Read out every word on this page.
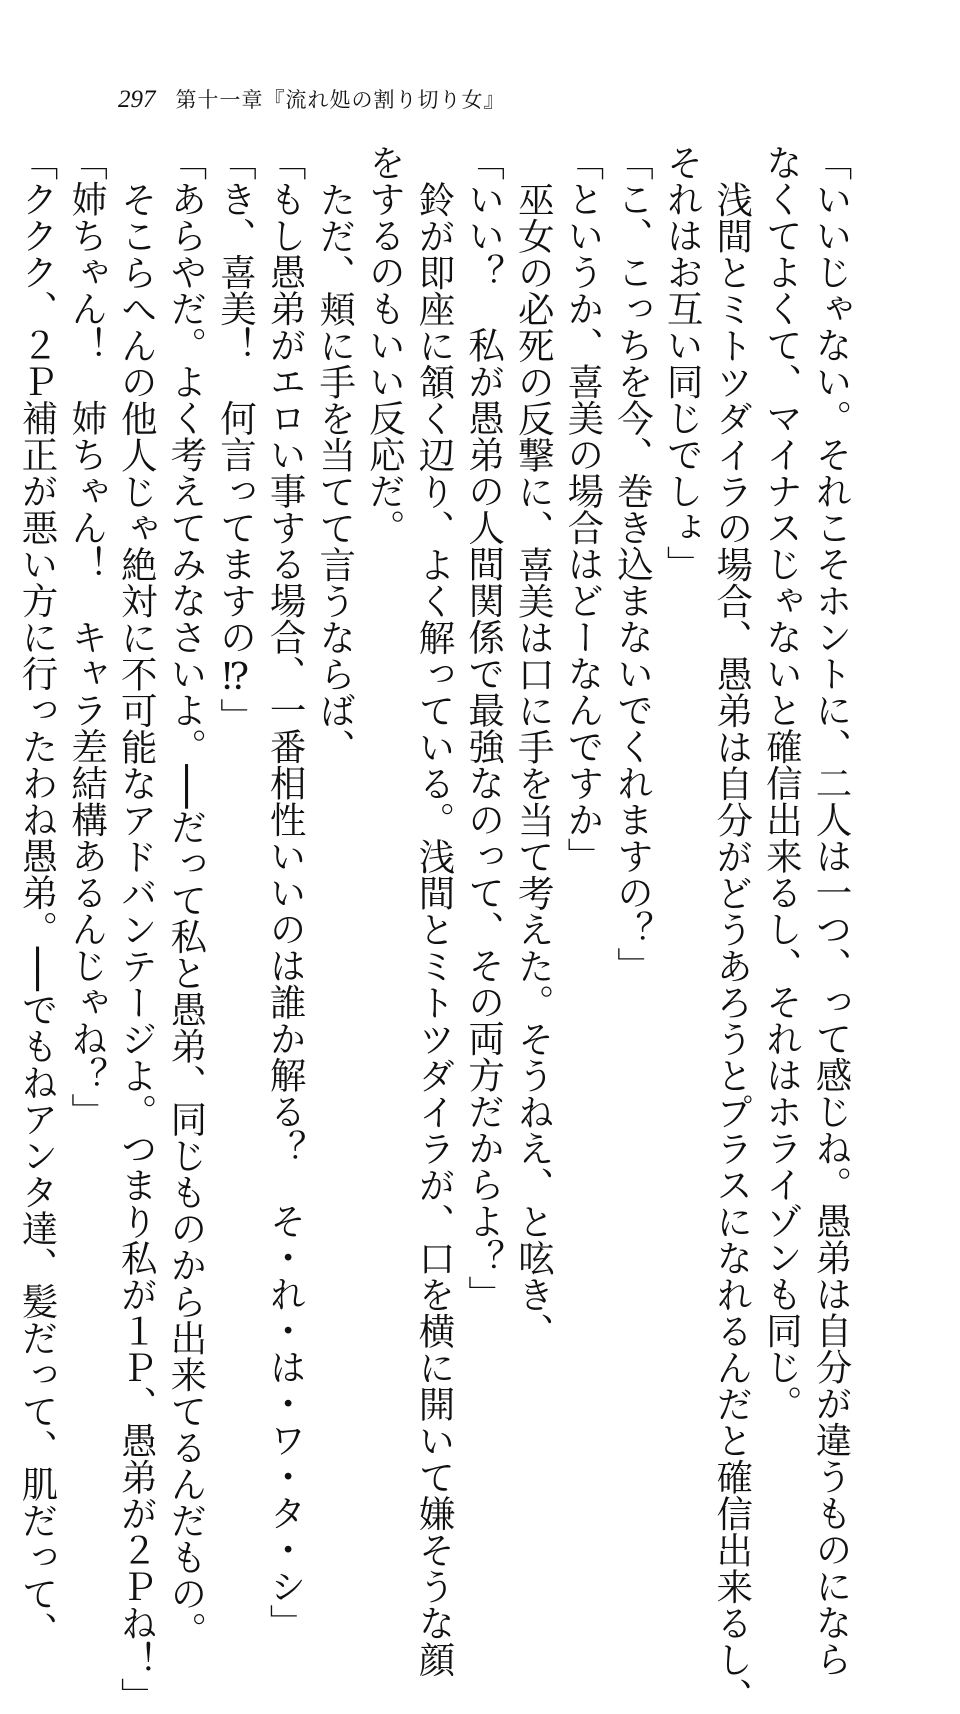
297 第十一章『流れ処の割り切り女』
「いいじゃない。それこそホントに、二人は一つ、って感じね。愚弟は自分が違うものになら
なくてよくて、マイナスじゃないと確信出来るし、それはホライゾンも同じ。
浅間とミトツダイラの場合、愚弟は自分がどうあろうとプラスになれるんだと確信出来るし、
それはお互い同じでしょ」
「こ、こっちを今、巻き込まないでくれますの？」
「というか、喜美の場合はどーなんですか」
巫女の必死の反撃に、喜美は口に手を当て考えた。そうねえ、と呟き、
「いい？　私が愚弟の人間関係で最強なのって、その両方だからよ？」
鈴が即座に頷く辺り、よく解っている。浅間とミトツダイラが、口を横に開いて嫌そうな顔
をするのもいい反応だ。
ただ、頬に手を当てて言うならば、
「もし愚弟がエロい事する場合、一番相性いいのは誰か解る？　そ・れ・は・ワ・タ・シ」
「き、喜美！　何言ってますの⁉」
「あらやだ。よく考えてみなさいよ。──だって私と愚弟、同じものから出来てるんだもの。
そこらへんの他人じゃ絶対に不可能なアドバンテージよ。つまり私が１Ｐ、愚弟が２Ｐね！」
「姉ちゃん！　姉ちゃん！　キャラ差結構あるんじゃね？」
「ククク、２Ｐ補正が悪い方に行ったわね愚弟。──でもねアンタ達、髪だって、肌だって、
